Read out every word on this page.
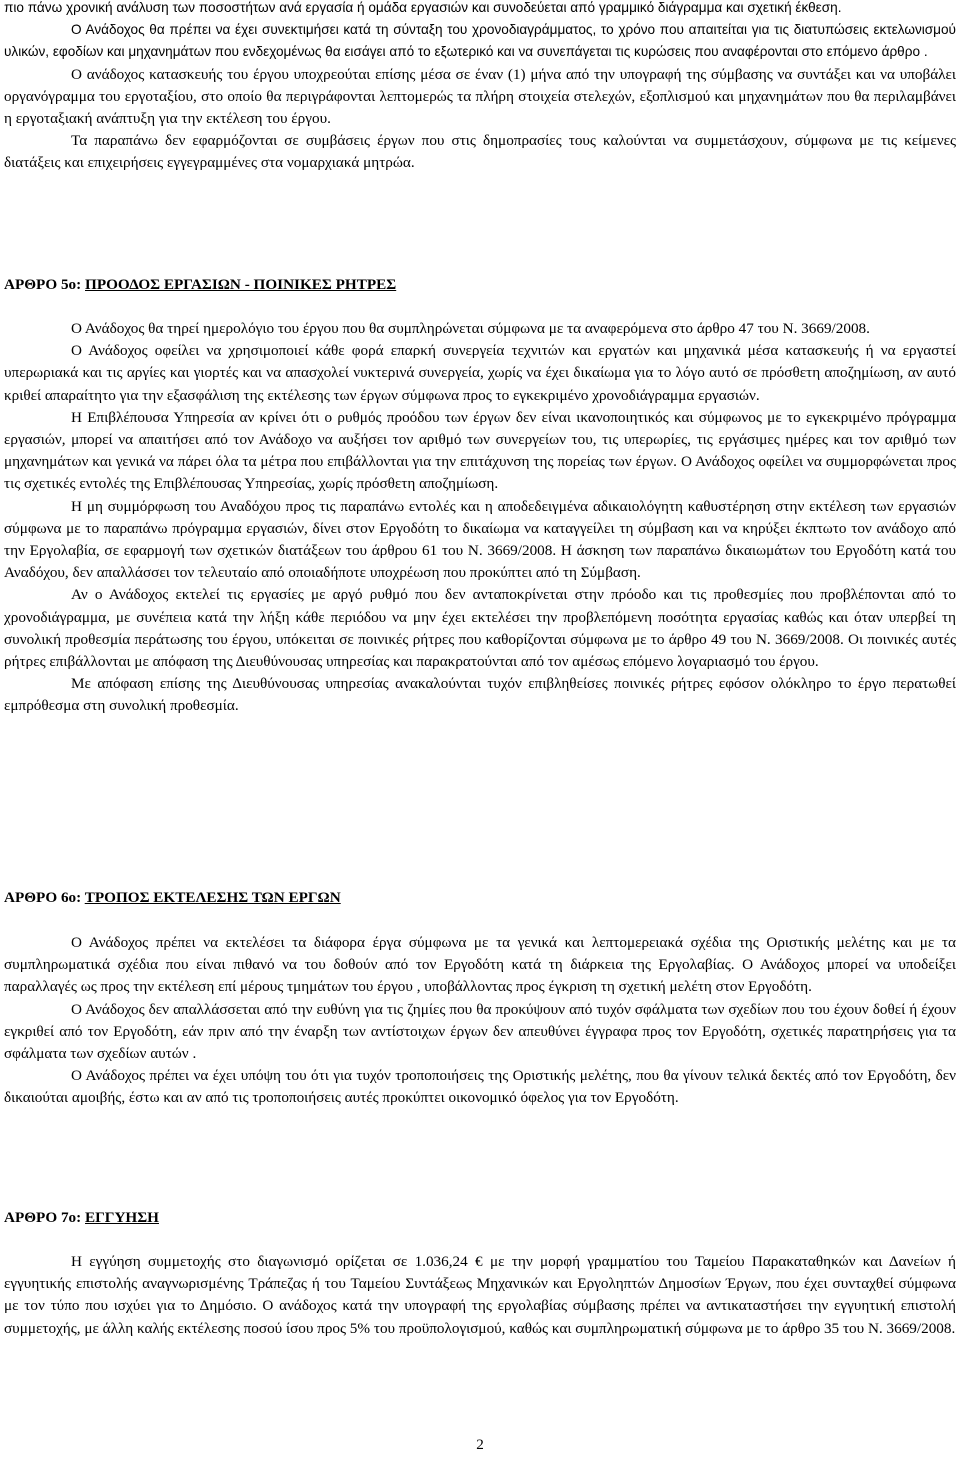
πιο πάνω χρονική ανάλυση των ποσοστήτων ανά εργασία ή ομάδα εργασιών και συνοδεύεται από γραμμικό διάγραμμα και σχετική έκθεση.

Ο Ανάδοχος θα πρέπει να έχει συνεκτιμήσει κατά τη σύνταξη του χρονοδιαγράμματος, το χρόνο που απαιτείται για τις διατυπώσεις εκτελωνισμού υλικών, εφοδίων και μηχανημάτων που ενδεχομένως θα εισάγει από το εξωτερικό και να συνεπάγεται τις κυρώσεις που αναφέρονται στο επόμενο άρθρο .

Ο ανάδοχος κατασκευής του έργου υποχρεούται επίσης μέσα σε έναν (1) μήνα από την υπογραφή της σύμβασης να συντάξει και να υποβάλει οργανόγραμμα του εργοταξίου, στο οποίο θα περιγράφονται λεπτομερώς τα πλήρη στοιχεία στελεχών, εξοπλισμού και μηχανημάτων που θα περιλαμβάνει η εργοταξιακή ανάπτυξη για την εκτέλεση του έργου.

Τα παραπάνω δεν εφαρμόζονται σε συμβάσεις έργων που στις δημοπρασίες τους καλούνται να συμμετάσχουν, σύμφωνα με τις κείμενες διατάξεις και επιχειρήσεις εγγεγραμμένες στα νομαρχιακά μητρώα.

ΑΡΘΡΟ 5ο: ΠΡΟΟΔΟΣ ΕΡΓΑΣΙΩΝ - ΠΟΙΝΙΚΕΣ ΡΗΤΡΕΣ

Ο Ανάδοχος θα τηρεί ημερολόγιο του έργου που θα συμπληρώνεται σύμφωνα με τα αναφερόμενα στο άρθρο 47 του Ν. 3669/2008.

Ο Ανάδοχος οφείλει να χρησιμοποιεί κάθε φορά επαρκή συνεργεία τεχνιτών και εργατών και μηχανικά μέσα κατασκευής ή να εργαστεί υπερωριακά και τις αργίες και γιορτές και να απασχολεί νυκτερινά συνεργεία, χωρίς να έχει δικαίωμα για το λόγο αυτό σε πρόσθετη αποζημίωση, αν αυτό κριθεί απαραίτητο για την εξασφάλιση της εκτέλεσης των έργων σύμφωνα προς το εγκεκριμένο χρονοδιάγραμμα εργασιών.

Η Επιβλέπουσα Υπηρεσία αν κρίνει ότι ο ρυθμός προόδου των έργων δεν είναι ικανοποιητικός και σύμφωνος με το εγκεκριμένο πρόγραμμα εργασιών, μπορεί να απαιτήσει από τον Ανάδοχο να αυξήσει τον αριθμό των συνεργείων του, τις υπερωρίες, τις εργάσιμες ημέρες και τον αριθμό των μηχανημάτων και γενικά να πάρει όλα τα μέτρα που επιβάλλονται για την επιτάχυνση της πορείας των έργων. Ο Ανάδοχος οφείλει να συμμορφώνεται προς τις σχετικές εντολές της Επιβλέπουσας Υπηρεσίας, χωρίς πρόσθετη αποζημίωση.

Η μη συμμόρφωση του Αναδόχου προς τις παραπάνω εντολές και η αποδεδειγμένα αδικαιολόγητη καθυστέρηση στην εκτέλεση των εργασιών σύμφωνα με το παραπάνω πρόγραμμα εργασιών, δίνει στον Εργοδότη το δικαίωμα να καταγγείλει τη σύμβαση και να κηρύξει έκπτωτο τον ανάδοχο από την Εργολαβία, σε εφαρμογή των σχετικών διατάξεων του άρθρου 61 του Ν. 3669/2008. Η άσκηση των παραπάνω δικαιωμάτων του Εργοδότη κατά του Αναδόχου, δεν απαλλάσσει τον τελευταίο από οποιαδήποτε υποχρέωση που προκύπτει από τη Σύμβαση.

Αν ο Ανάδοχος εκτελεί τις εργασίες με αργό ρυθμό που δεν ανταποκρίνεται στην πρόοδο και τις προθεσμίες που προβλέπονται από το χρονοδιάγραμμα, με συνέπεια κατά την λήξη κάθε περιόδου να μην έχει εκτελέσει την προβλεπόμενη ποσότητα εργασίας καθώς και όταν υπερβεί τη συνολική προθεσμία περάτωσης του έργου, υπόκειται σε ποινικές ρήτρες που καθορίζονται σύμφωνα με το άρθρο 49 του Ν. 3669/2008. Οι ποινικές αυτές ρήτρες επιβάλλονται με απόφαση της Διευθύνουσας υπηρεσίας και παρακρατούνται από τον αμέσως επόμενο λογαριασμό του έργου.

Με απόφαση επίσης της Διευθύνουσας υπηρεσίας ανακαλούνται τυχόν επιβληθείσες ποινικές ρήτρες εφόσον ολόκληρο το έργο περατωθεί εμπρόθεσμα στη συνολική προθεσμία.

ΑΡΘΡΟ 6ο: ΤΡΟΠΟΣ ΕΚΤΕΛΕΣΗΣ ΤΩΝ ΕΡΓΩΝ

Ο Ανάδοχος πρέπει να εκτελέσει τα διάφορα έργα σύμφωνα με τα γενικά και λεπτομερειακά σχέδια της Οριστικής μελέτης και με τα συμπληρωματικά σχέδια που είναι πιθανό να του δοθούν από τον Εργοδότη κατά τη διάρκεια της Εργολαβίας. Ο Ανάδοχος μπορεί να υποδείξει παραλλαγές ως προς την εκτέλεση επί μέρους τμημάτων του έργου , υποβάλλοντας προς έγκριση τη σχετική μελέτη στον Εργοδότη.

Ο Ανάδοχος δεν απαλλάσσεται από την ευθύνη για τις ζημίες που θα προκύψουν από τυχόν σφάλματα των σχεδίων που του έχουν δοθεί ή έχουν εγκριθεί από τον Εργοδότη, εάν πριν από την έναρξη των αντίστοιχων έργων δεν απευθύνει έγγραφα προς τον Εργοδότη, σχετικές παρατηρήσεις για τα σφάλματα των σχεδίων αυτών .

Ο Ανάδοχος πρέπει να έχει υπόψη του ότι για τυχόν τροποποιήσεις της Οριστικής μελέτης, που θα γίνουν τελικά δεκτές από τον Εργοδότη, δεν δικαιούται αμοιβής, έστω και αν από τις τροποποιήσεις αυτές προκύπτει οικονομικό όφελος για τον Εργοδότη.

ΑΡΘΡΟ 7ο: ΕΓΓΥΗΣΗ

Η εγγύηση συμμετοχής στο διαγωνισμό ορίζεται σε 1.036,24 € με την μορφή γραμματίου του Ταμείου Παρακαταθηκών και Δανείων ή εγγυητικής επιστολής αναγνωρισμένης Τράπεζας ή του Ταμείου Συντάξεως Μηχανικών και Εργοληπτών Δημοσίων Έργων, που έχει συνταχθεί σύμφωνα με τον τύπο που ισχύει για το Δημόσιο. Ο ανάδοχος κατά την υπογραφή της εργολαβίας σύμβασης πρέπει να αντικαταστήσει την εγγυητική επιστολή συμμετοχής, με άλλη καλής εκτέλεσης ποσού ίσου προς 5% του προϋπολογισμού, καθώς και συμπληρωματική σύμφωνα με το άρθρο 35 του Ν. 3669/2008.

2
